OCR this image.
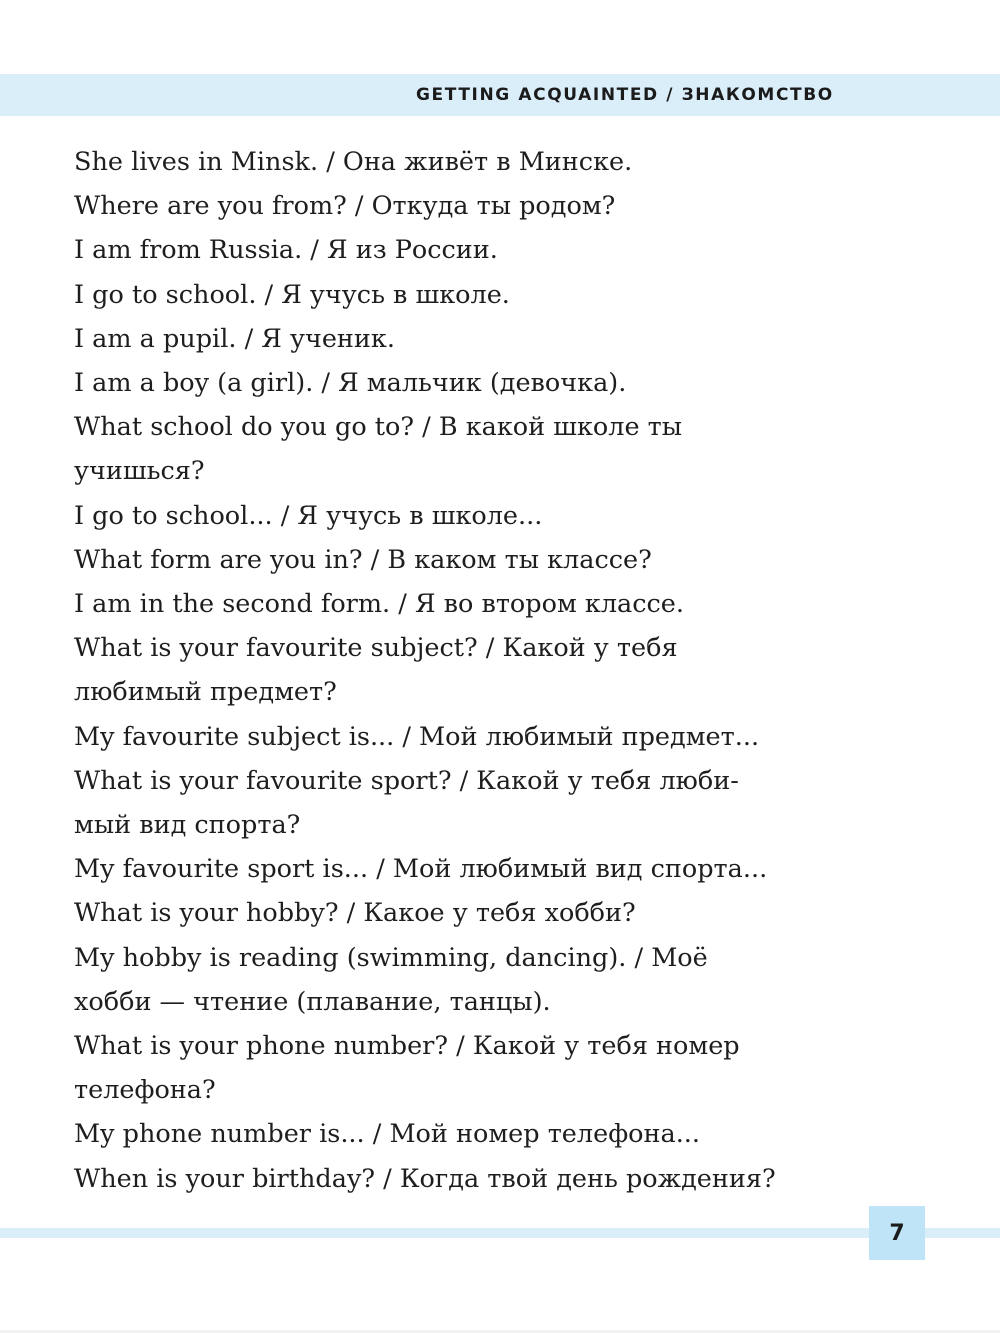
GETTING ACQUAINTED / ЗНАКОМСТВО
She lives in Minsk. / Она живёт в Минске.
Where are you from? / Откуда ты родом?
I am from Russia. / Я из России.
I go to school. / Я учусь в школе.
I am a pupil. / Я ученик.
I am a boy (a girl). / Я мальчик (девочка).
What school do you go to? / В какой школе ты
учишься?
I go to school... / Я учусь в школе...
What form are you in? / В каком ты классе?
I am in the second form. / Я во втором классе.
What is your favourite subject? / Какой у тебя
любимый предмет?
My favourite subject is... / Мой любимый предмет...
What is your favourite sport? / Какой у тебя люби-
мый вид спорта?
My favourite sport is... / Мой любимый вид спорта...
What is your hobby? / Какое у тебя хобби?
My hobby is reading (swimming, dancing). / Моё
хобби — чтение (плавание, танцы).
What is your phone number? / Какой у тебя номер
телефона?
My phone number is... / Мой номер телефона...
When is your birthday? / Когда твой день рождения?
7
